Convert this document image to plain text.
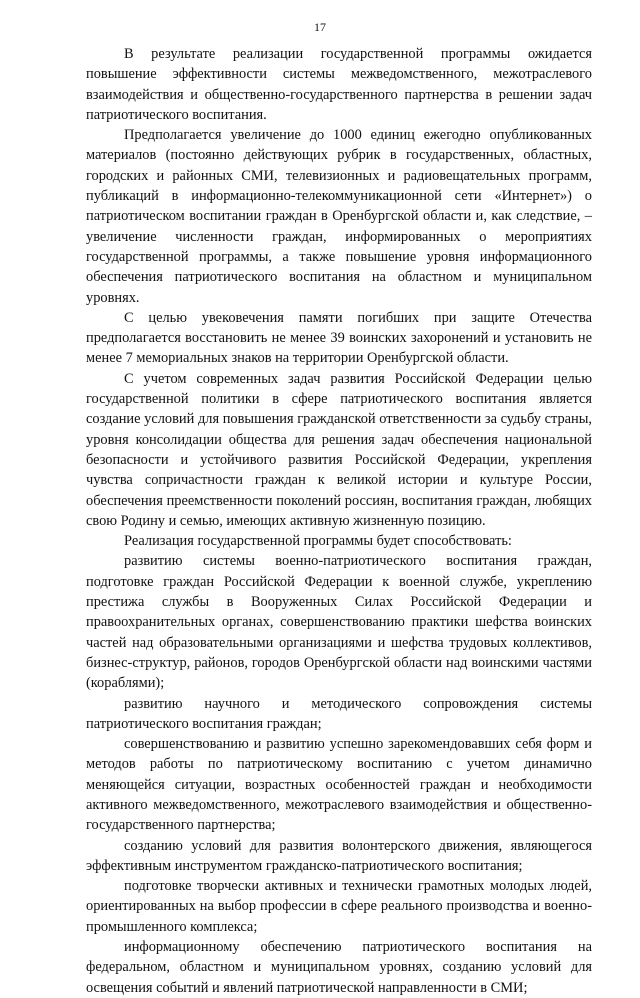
17

В результате реализации государственной программы ожидается повышение эффективности системы межведомственного, межотраслевого взаимодействия и общественно-государственного партнерства в решении задач патриотического воспитания.

Предполагается увеличение до 1000 единиц ежегодно опубликованных материалов (постоянно действующих рубрик в государственных, областных, городских и районных СМИ, телевизионных и радиовещательных программ, публикаций в информационно-телекоммуникационной сети «Интернет») о патриотическом воспитании граждан в Оренбургской области и, как следствие, – увеличение численности граждан, информированных о мероприятиях государственной программы, а также повышение уровня информационного обеспечения патриотического воспитания на областном и муниципальном уровнях.

С целью увековечения памяти погибших при защите Отечества предполагается восстановить не менее 39 воинских захоронений и установить не менее 7 мемориальных знаков на территории Оренбургской области.

С учетом современных задач развития Российской Федерации целью государственной политики в сфере патриотического воспитания является создание условий для повышения гражданской ответственности за судьбу страны, уровня консолидации общества для решения задач обеспечения национальной безопасности и устойчивого развития Российской Федерации, укрепления чувства сопричастности граждан к великой истории и культуре России, обеспечения преемственности поколений россиян, воспитания граждан, любящих свою Родину и семью, имеющих активную жизненную позицию.

Реализация государственной программы будет способствовать:

развитию системы военно-патриотического воспитания граждан, подготовке граждан Российской Федерации к военной службе, укреплению престижа службы в Вооруженных Силах Российской Федерации и правоохранительных органах, совершенствованию практики шефства воинских частей над образовательными организациями и шефства трудовых коллективов, бизнес-структур, районов, городов Оренбургской области над воинскими частями (кораблями);

развитию научного и методического сопровождения системы патриотического воспитания граждан;

совершенствованию и развитию успешно зарекомендовавших себя форм и методов работы по патриотическому воспитанию с учетом динамично меняющейся ситуации, возрастных особенностей граждан и необходимости активного межведомственного, межотраслевого взаимодействия и общественно-государственного партнерства;

созданию условий для развития волонтерского движения, являющегося эффективным инструментом гражданско-патриотического воспитания;

подготовке творчески активных и технически грамотных молодых людей, ориентированных на выбор профессии в сфере реального производства и военно-промышленного комплекса;

информационному обеспечению патриотического воспитания на федеральном, областном и муниципальном уровнях, созданию условий для освещения событий и явлений патриотической направленности в СМИ;
